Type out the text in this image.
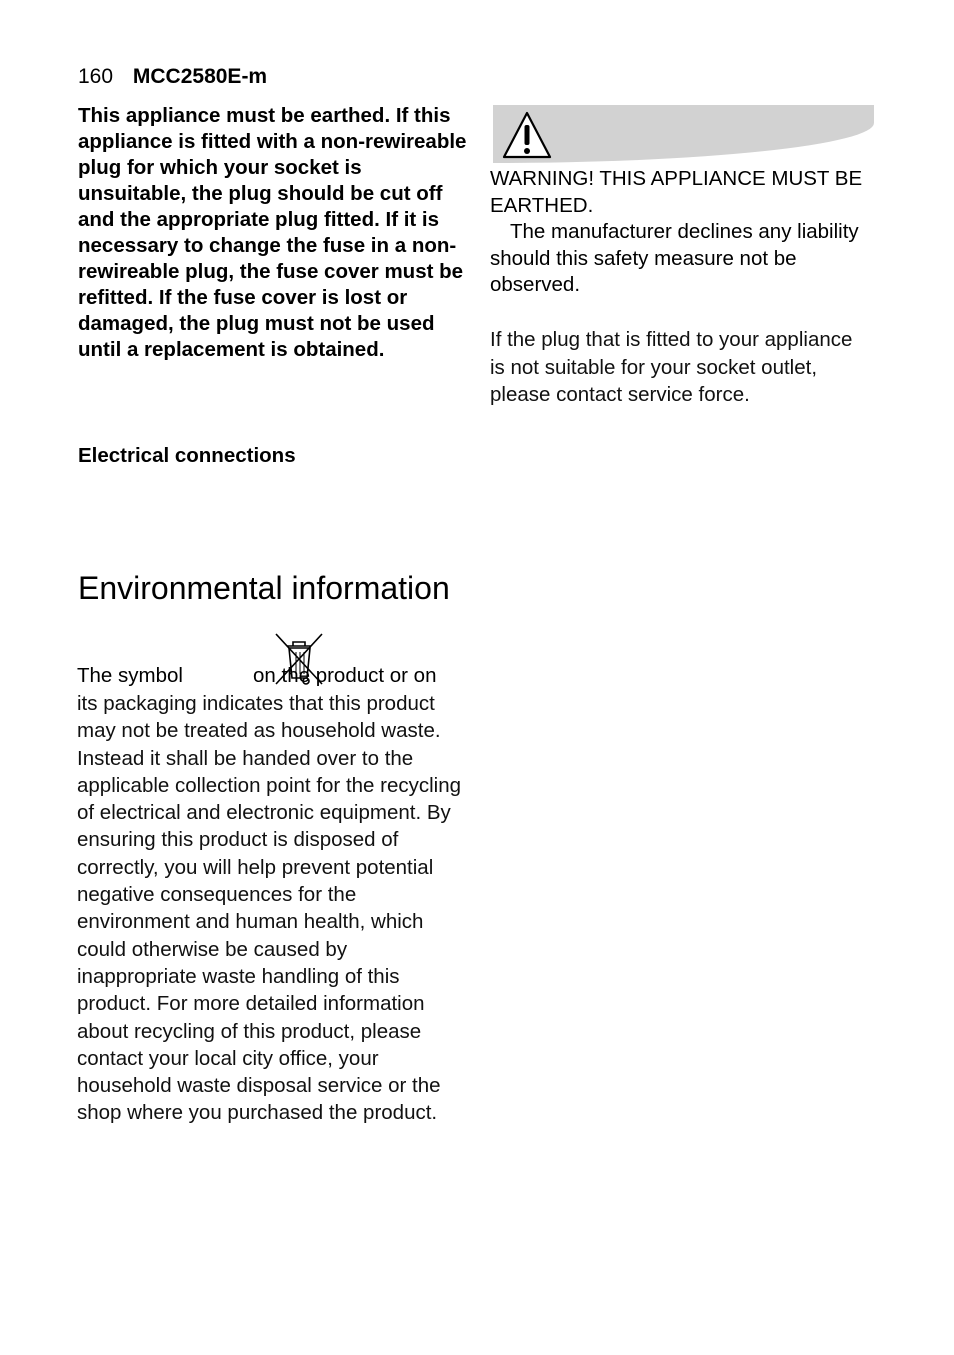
160 MCC2580E-m

This appliance must be earthed. If this appliance is fitted with a non-rewireable plug for which your socket is unsuitable, the plug should be cut off and the appropriate plug fitted. If it is necessary to change the fuse in a non-rewireable plug, the fuse cover must be refitted. If the fuse cover is lost or damaged, the plug must not be used until a replacement is obtained.

Electrical connections

WARNING! THIS APPLIANCE MUST BE EARTHED.
The manufacturer declines any liability should this safety measure not be observed.

If the plug that is fitted to your appliance is not suitable for your socket outlet, please contact service force.

Environmental information
The symbol	on the product or on

its packaging indicates that this product may not be treated as household waste. Instead it shall be handed over to the applicable collection point for the recycling of electrical and electronic equipment. By ensuring this product is disposed of correctly, you will help prevent potential negative consequences for the environment and human health, which could otherwise be caused by inappropriate waste handling of this product. For more detailed information about recycling of this product, please contact your local city office, your household waste disposal service or the shop where you purchased the product.
